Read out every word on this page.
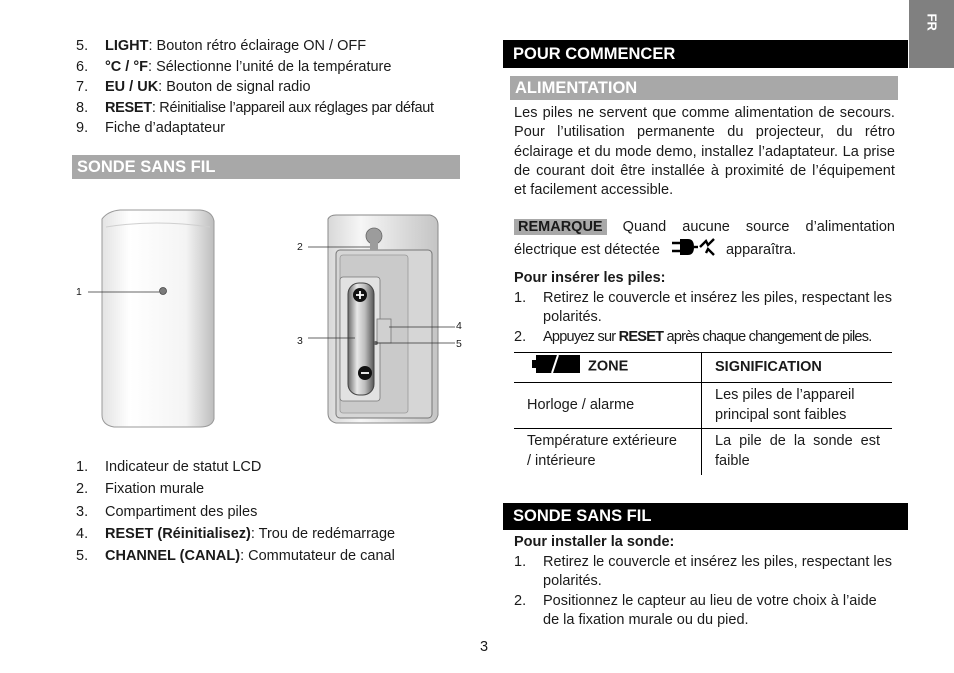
FR
5.	LIGHT: Bouton rétro éclairage ON / OFF
6.	°C / °F: Sélectionne l’unité de la température
7.	EU / UK: Bouton de signal radio
8.	RESET: Réinitialise l’appareil aux réglages par défaut
9.	Fiche d’adaptateur
SONDE SANS FIL
1
2
3
4
5
1.	Indicateur de statut LCD
2.	Fixation murale
3.	Compartiment des piles
4.	RESET (Réinitialisez): Trou de redémarrage
5.	CHANNEL (CANAL): Commutateur de canal
3
POUR COMMENCER
ALIMENTATION
Les piles ne servent que comme alimentation de secours. Pour l’utilisation permanente du projecteur, du rétro éclairage et du mode demo, installez l’adaptateur. La prise de courant doit être installée à proximité de l’équipement et facilement accessible.
REMARQUE Quand aucune source d’alimentation électrique est détectée	apparaîtra.
Pour insérer les piles:
1.	Retirez le couvercle et insérez les piles, respectant les polarités.
2.	Appuyez sur RESET après chaque changement de piles.
ZONE	SIGNIFICATION
Horloge / alarme	Les piles de l’appareil principal sont faibles
Température extérieure / intérieure	La pile de la sonde est faible
SONDE SANS FIL
Pour installer la sonde:
1.	Retirez le couvercle et insérez les piles, respectant les polarités.
2.	Positionnez le capteur au lieu de votre choix à l’aide de la fixation murale ou du pied.
